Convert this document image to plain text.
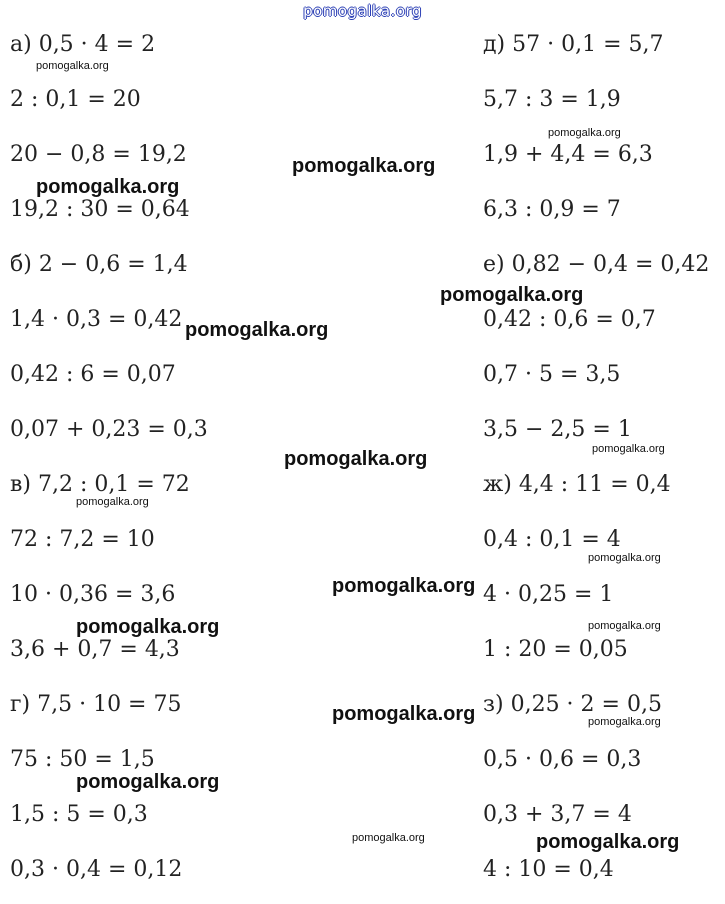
pomogalka.org
а) 0,5 · 4 = 2
2 : 0,1 = 20
20 − 0,8 = 19,2
19,2 : 30 = 0,64
б) 2 − 0,6 = 1,4
1,4 · 0,3 = 0,42
0,42 : 6 = 0,07
0,07 + 0,23 = 0,3
в) 7,2 : 0,1 = 72
72 : 7,2 = 10
10 · 0,36 = 3,6
3,6 + 0,7 = 4,3
г) 7,5 · 10 = 75
75 : 50 = 1,5
1,5 : 5 = 0,3
0,3 · 0,4 = 0,12
д) 57 · 0,1 = 5,7
5,7 : 3 = 1,9
1,9 + 4,4 = 6,3
6,3 : 0,9 = 7
е) 0,82 − 0,4 = 0,42
0,42 : 0,6 = 0,7
0,7 · 5 = 3,5
3,5 − 2,5 = 1
ж) 4,4 : 11 = 0,4
0,4 : 0,1 = 4
4 · 0,25 = 1
1 : 20 = 0,05
з) 0,25 · 2 = 0,5
0,5 · 0,6 = 0,3
0,3 + 3,7 = 4
4 : 10 = 0,4
pomogalka.org
pomogalka.org
pomogalka.org
pomogalka.org
pomogalka.org
pomogalka.org
pomogalka.org	pomogalka.org
pomogalka.org
pomogalka.org
pomogalka.org
pomogalka.org	pomogalka.org
pomogalka.org	pomogalka.org
pomogalka.org
pomogalka.org	pomogalka.org
